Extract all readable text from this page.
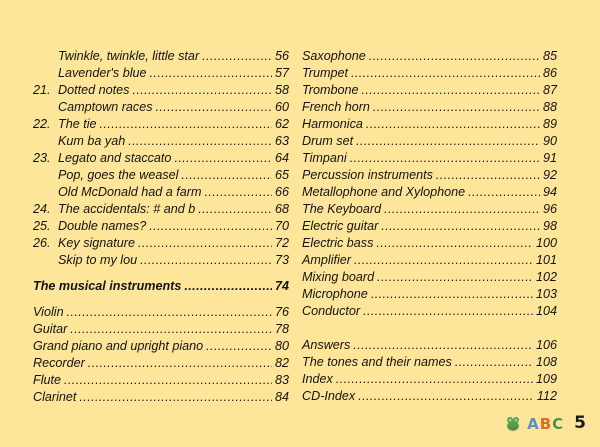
Twinkle, twinkle, little star .....	56
Lavender's blue .....	57
21. Dotted notes .....	58
Camptown races .....	60
22. The tie .....	62
Kum ba yah .....	63
23. Legato and staccato .....	64
Pop, goes the weasel .....	65
Old McDonald had a farm .....	66
24. The accidentals: # and b .....	68
25. Double names? .....	70
26. Key signature .....	72
Skip to my lou .....	73
The musical instruments .....	74
Violin .....	76
Guitar .....	78
Grand piano and upright piano .....	80
Recorder .....	82
Flute .....	83
Clarinet .....	84
Saxophone .....	85
Trumpet .....	86
Trombone .....	87
French horn .....	88
Harmonica .....	89
Drum set .....	90
Timpani .....	91
Percussion instruments .....	92
Metallophone and Xylophone .....	94
The Keyboard .....	96
Electric guitar .....	98
Electric bass .....	100
Amplifier .....	101
Mixing board .....	102
Microphone .....	103
Conductor .....	104
Answers .....	106
The tones and their names .....	108
Index .....	109
CD-Index .....	112
ABC 5
